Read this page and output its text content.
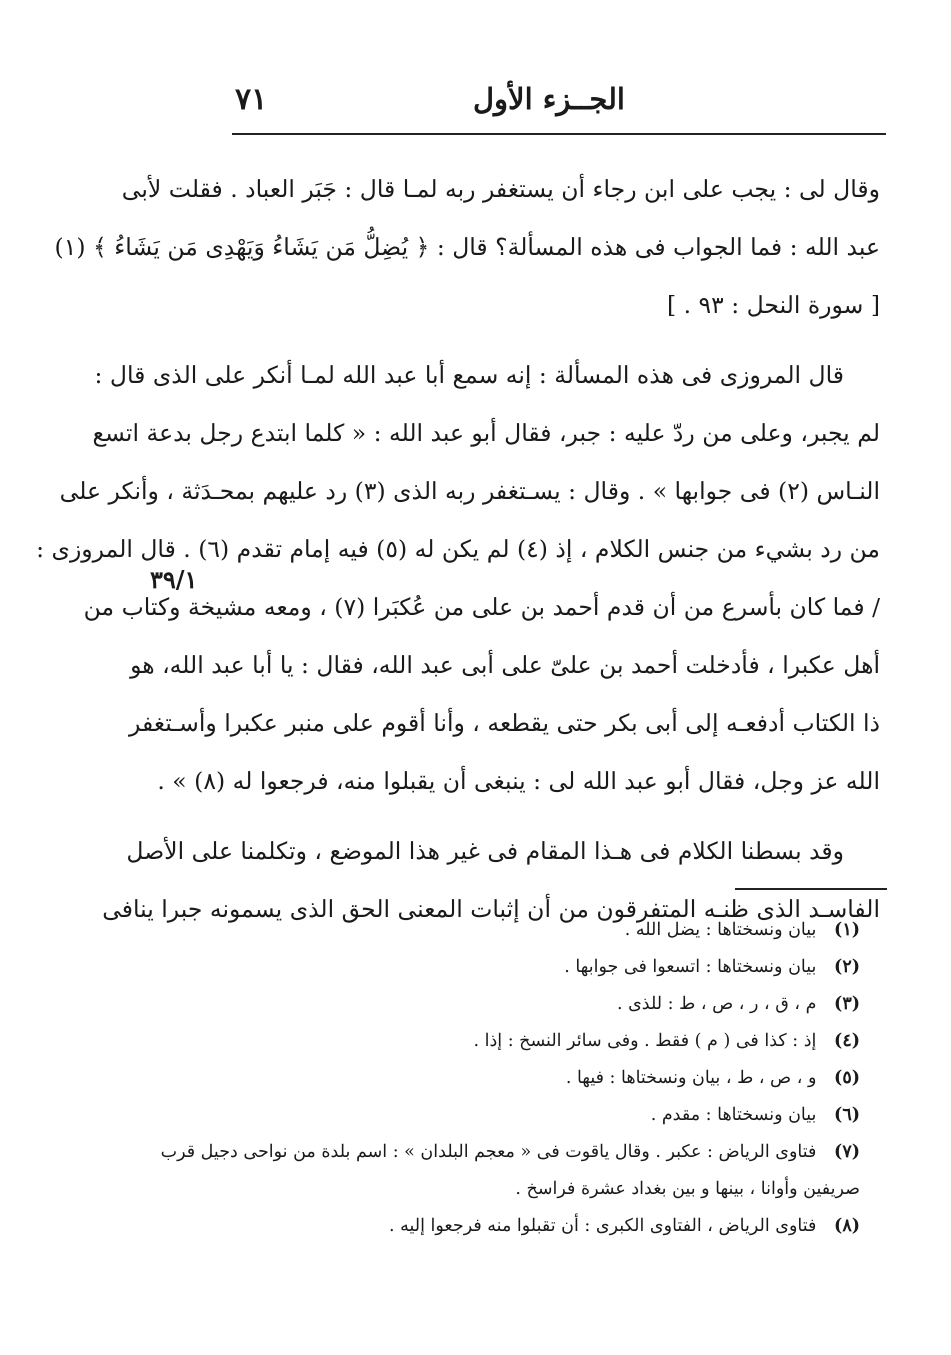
الجــزء الأول
٧١
٣٩/١
وقال لى : يجب على ابن رجاء أن يستغفر ربه لمـا قال : جَبَر العباد . فقلت لأبى
عبد الله : فما الجواب فى هذه المسألة؟ قال : ﴿ يُضِلُّ مَن يَشَاءُ وَيَهْدِى مَن يَشَاءُ ﴾ (١)
[ سورة النحل : ٩٣ . ]
قال المروزى فى هذه المسألة : إنه سمع أبا عبد الله لمـا أنكر على الذى قال :
لم يجبر، وعلى من ردّ عليه : جبر، فقال أبو عبد الله : « كلما ابتدع رجل بدعة اتسع
النـاس (٢) فى جوابها » . وقال : يسـتغفر ربه الذى (٣) رد عليهم بمحـدَثة ، وأنكر على
من رد بشيء من جنس الكلام ، إذ (٤) لم يكن له (٥) فيه إمام تقدم (٦) . قال المروزى :
/ فما كان بأسرع من أن قدم أحمد بن على من عُكبَرا (٧) ، ومعه مشيخة وكتاب من
أهل عكبرا ، فأدخلت أحمد بن علىّ على أبى عبد الله، فقال : يا أبا عبد الله، هو
ذا الكتاب أدفعـه إلى أبى بكر حتى يقطعه ، وأنا أقوم على منبر عكبرا وأسـتغفر
الله عز وجل، فقال أبو عبد الله لى : ينبغى أن يقبلوا منه، فرجعوا له (٨) » .
وقد بسطنا الكلام فى هـذا المقام فى غير هذا الموضع ، وتكلمنا على الأصل
الفاسـد الذى ظنـه المتفرقون من أن إثبات المعنى الحق الذى يسمونه جبرا ينافى
(١) بيان ونسختاها : يضل الله .
(٢) بيان ونسختاها : اتسعوا فى جوابها .
(٣) م ، ق ، ر ، ص ، ط : للذى .
(٤) إذ : كذا فى ( م ) فقط . وفى سائر النسخ : إذا .
(٥) و ، ص ، ط ، بيان ونسختاها : فيها .
(٦) بيان ونسختاها : مقدم .
(٧) فتاوى الرياض : عكبر . وقال ياقوت فى « معجم البلدان » : اسم بلدة من نواحى دجيل قرب
صريفين وأوانا ، بينها و بين بغداد عشرة فراسخ .
(٨) فتاوى الرياض ، الفتاوى الكبرى : أن تقبلوا منه فرجعوا إليه .
